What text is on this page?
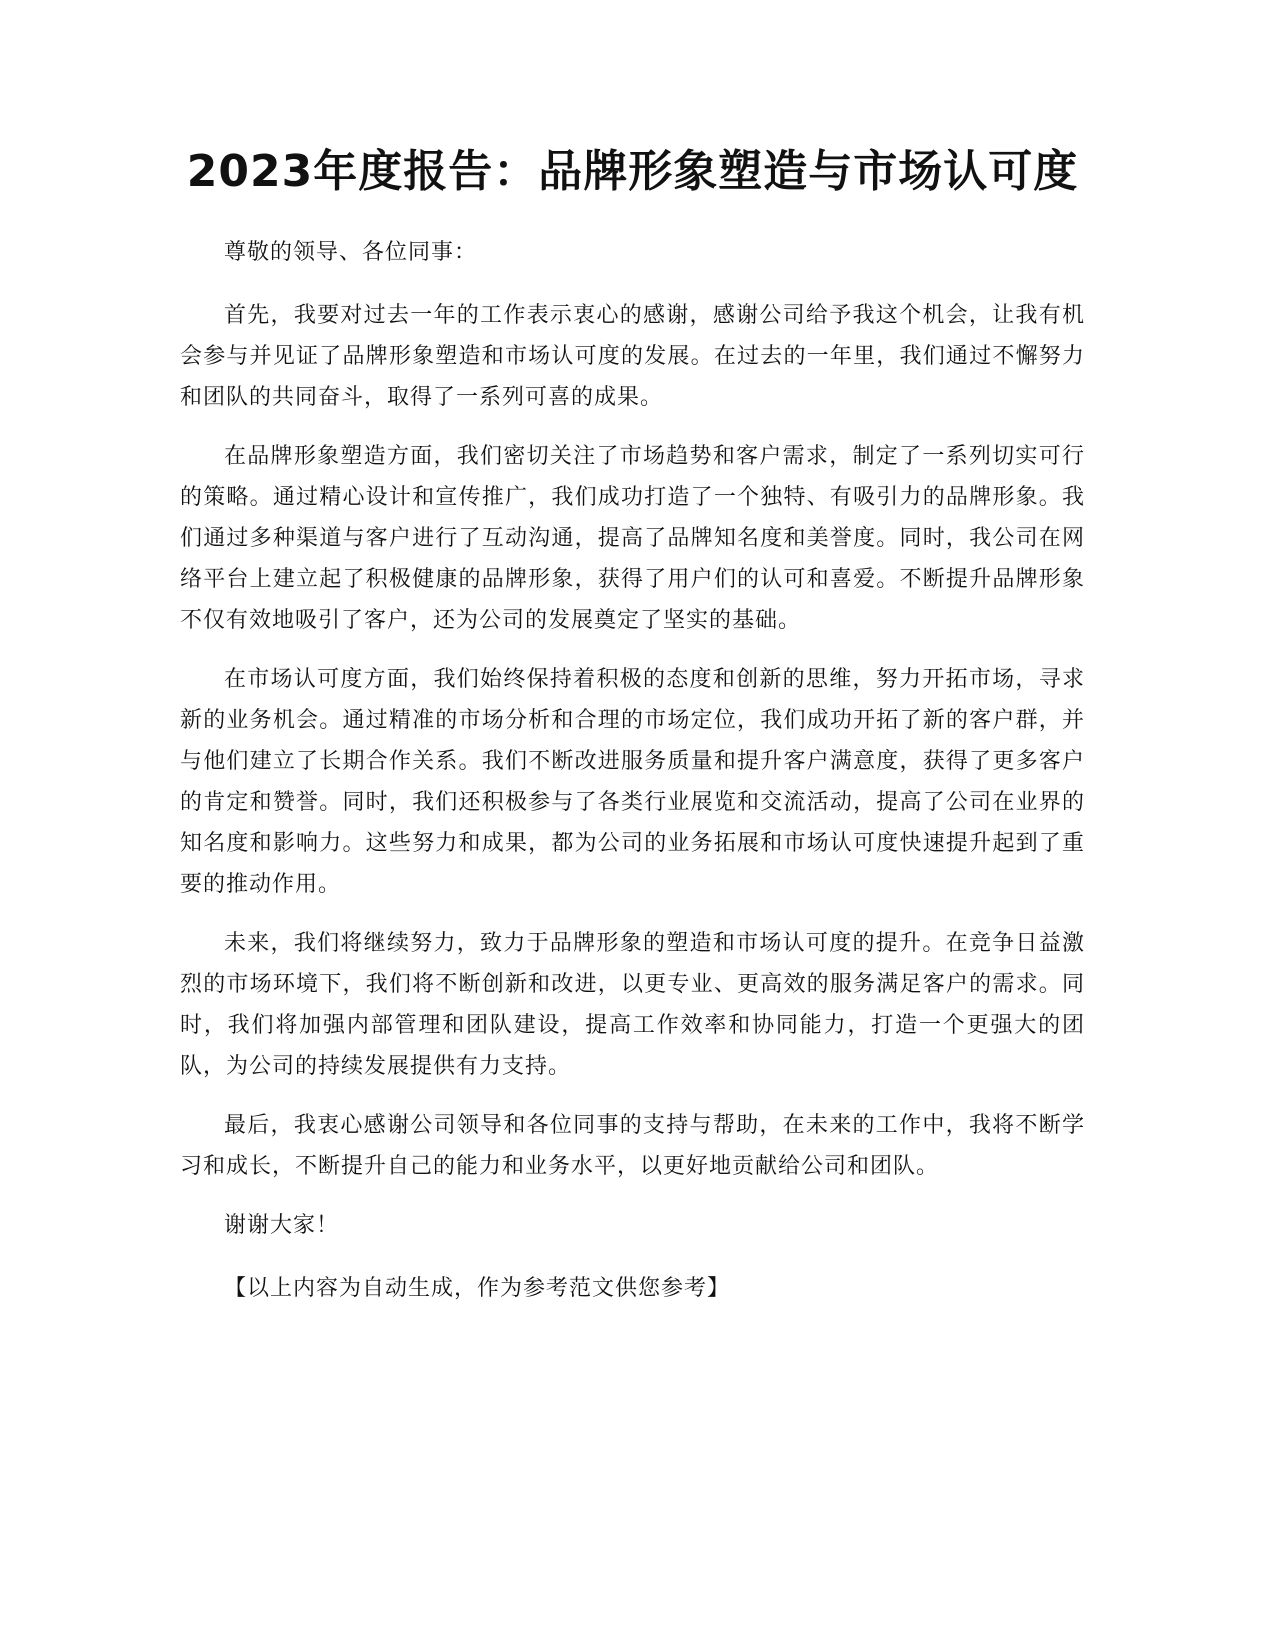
2023年度报告：品牌形象塑造与市场认可度

尊敬的领导、各位同事：

首先，我要对过去一年的工作表示衷心的感谢，感谢公司给予我这个机会，让我有机会参与并见证了品牌形象塑造和市场认可度的发展。在过去的一年里，我们通过不懈努力和团队的共同奋斗，取得了一系列可喜的成果。

在品牌形象塑造方面，我们密切关注了市场趋势和客户需求，制定了一系列切实可行的策略。通过精心设计和宣传推广，我们成功打造了一个独特、有吸引力的品牌形象。我们通过多种渠道与客户进行了互动沟通，提高了品牌知名度和美誉度。同时，我公司在网络平台上建立起了积极健康的品牌形象，获得了用户们的认可和喜爱。不断提升品牌形象不仅有效地吸引了客户，还为公司的发展奠定了坚实的基础。

在市场认可度方面，我们始终保持着积极的态度和创新的思维，努力开拓市场，寻求新的业务机会。通过精准的市场分析和合理的市场定位，我们成功开拓了新的客户群，并与他们建立了长期合作关系。我们不断改进服务质量和提升客户满意度，获得了更多客户的肯定和赞誉。同时，我们还积极参与了各类行业展览和交流活动，提高了公司在业界的知名度和影响力。这些努力和成果，都为公司的业务拓展和市场认可度快速提升起到了重要的推动作用。

未来，我们将继续努力，致力于品牌形象的塑造和市场认可度的提升。在竞争日益激烈的市场环境下，我们将不断创新和改进，以更专业、更高效的服务满足客户的需求。同时，我们将加强内部管理和团队建设，提高工作效率和协同能力，打造一个更强大的团队，为公司的持续发展提供有力支持。

最后，我衷心感谢公司领导和各位同事的支持与帮助，在未来的工作中，我将不断学习和成长，不断提升自己的能力和业务水平，以更好地贡献给公司和团队。

谢谢大家！

【以上内容为自动生成，作为参考范文供您参考】
